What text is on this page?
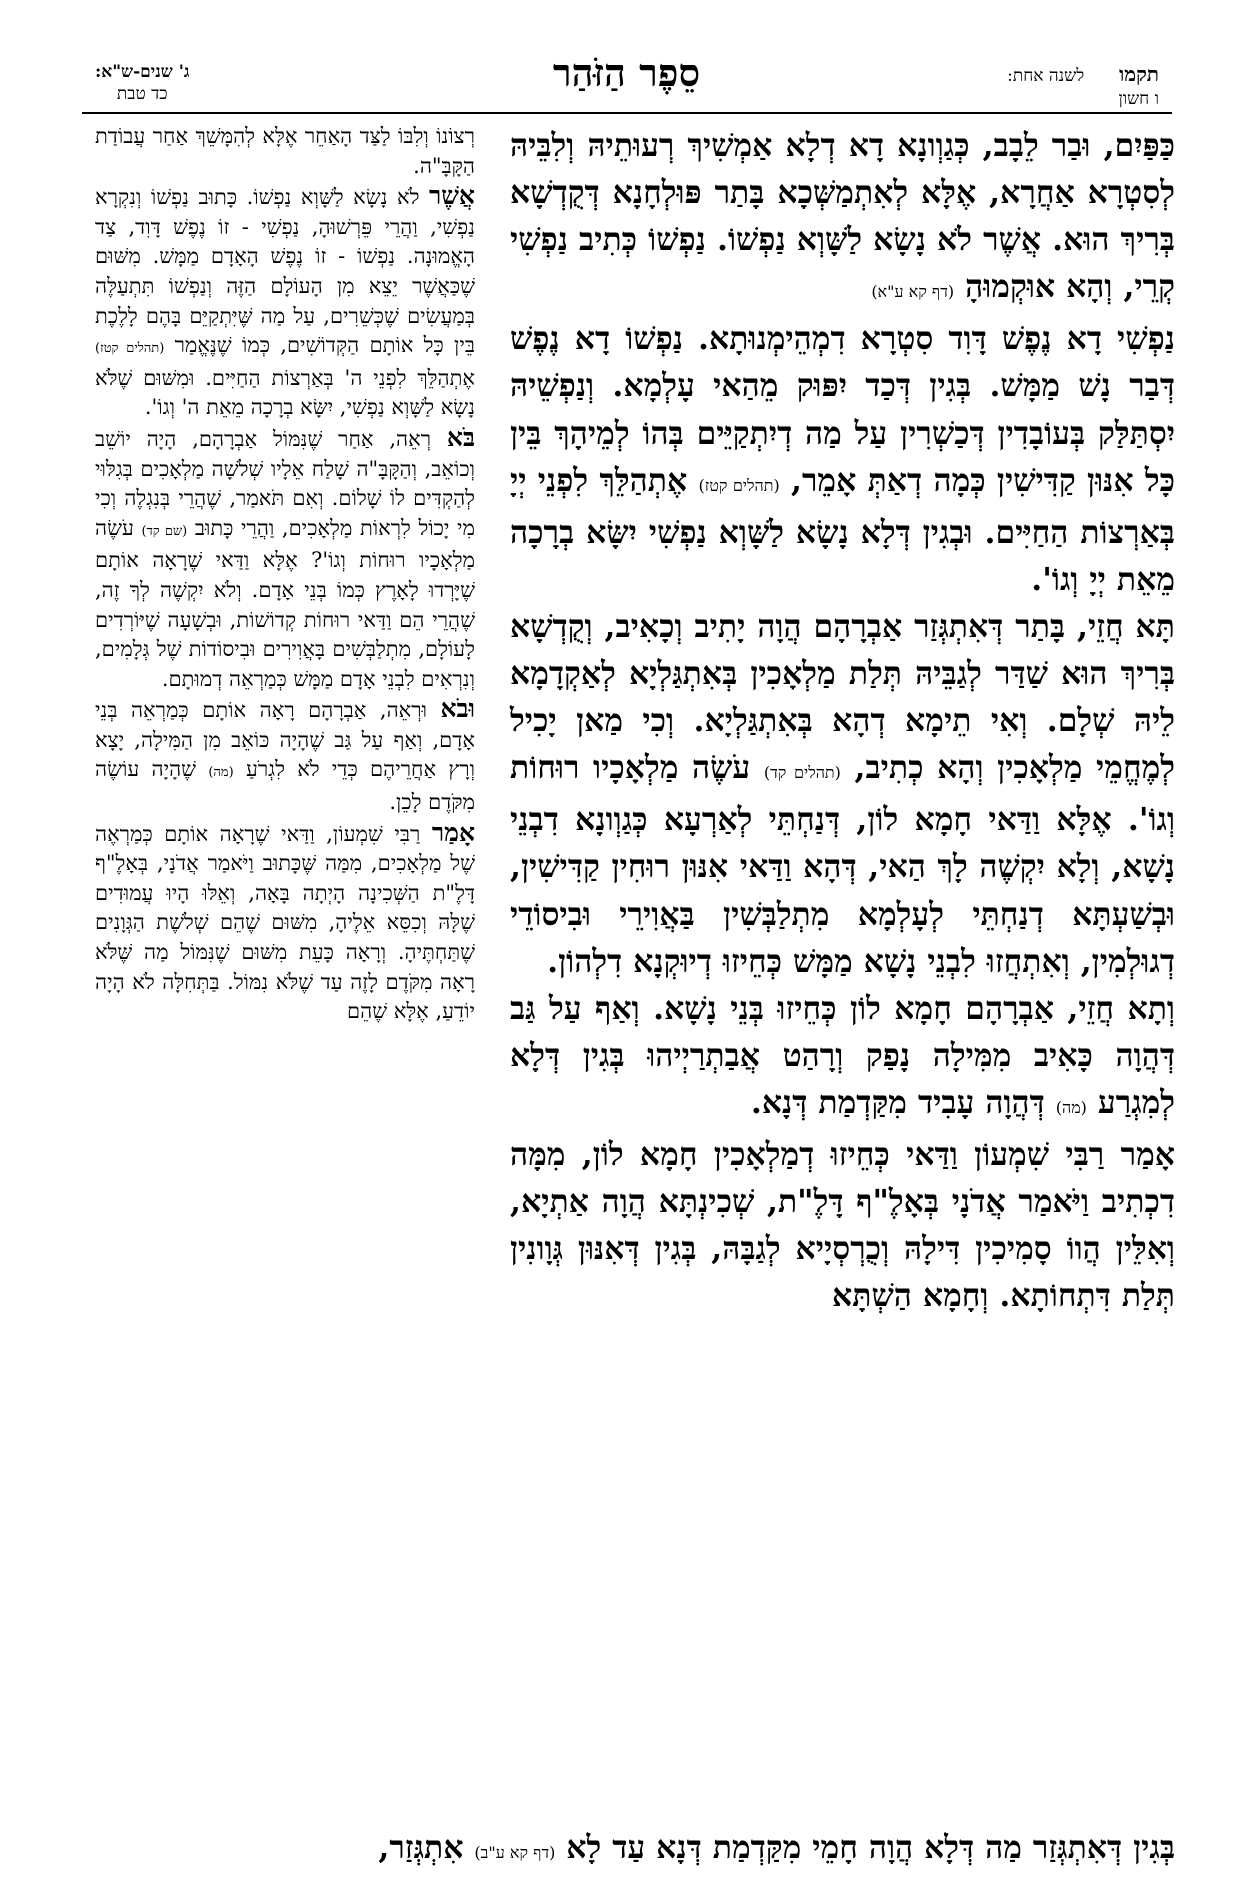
תקמו לשנה אחת:
ו חשון
סֵפֶר הַזֹּהַר
ג' שנים-ש"א:
כד טבת

כַּפַּיִם, וּבַר לֵבָב, כְּגַוְונָא דָא דְלָא אַמְשִׁיךְ רְעוּתֵיהּ וְלִבֵּיהּ לְסִטְרָא אַחֲרָא, אֶלָּא לְאִתְמַשְּׁכָא בָּתַר פּוּלְחָנָא דְּקֻדְשָׁא בְּרִיךְ הוּא. אֲשֶׁר לֹא נָשָׂא לַשָּׁוְא נַפְשׁוֹ. נַפְשׁוֹ כְּתִיב נַפְשִׁי קְרֵי, וְהָא אוּקְמוּהָ (דף קא ע"א)

נַפְשִׁי דָא נֶפֶשׁ דָּוִד סִטְרָא דִמְהֵימְנוּתָא. נַפְשׁוֹ דָא נֶפֶשׁ דְּבַר נָשׁ מַמָּשׁ. בְּגִין דְּכַד יִפּוּק מֵהַאי עָלְמָא. וְנַפְשֵׁיהּ יִסְתַּלַּק בְּעוֹבָדִין דְּכַשְׁרִין עַל מַה דְיִתְקַיֵּים בְּהוֹ לְמֵיהָךְ בֵּין כָּל אִנּוּן קַדִּישִׁין כְּמָה דְאַתְּ אָמֵר, (תהלים קטז) אֶתְהַלֵּךְ לִפְנֵי יְיָ בְּאַרְצוֹת הַחַיִּים. וּבְגִין דְּלָא נָשָׂא לַשָּׁוְא נַפְשִׁי יִשָּׂא בְרָכָה מֵאֵת יְיָ וְגוֹ'.

תָּא חֲזֵי, בָּתַר דְּאִתְגְּזַר אַבְרָהָם הֲוָה יָתִיב וְכָאִיב, וְקֻדְשָׁא בְּרִיךְ הוּא שַׁדַּר לְגַבֵּיהּ תְּלַת מַלְאָכִין בְּאִתְגַּלְיָא לְאַקְדָמָא לֵיהּ שְׁלָם. וְאִי תֵימָא דְהָא בְּאִתְגַּלְיָא. וְכִי מַאן יָכִיל לְמֶחֱמֵי מַלְאָכִין וְהָא כְתִיב, (תהלים קד) עֹשֶׂה מַלְאָכָיו רוּחוֹת וְגוֹ'. אֶלָּא וַדַּאי חָמָא לוֹן, דְּנַחְתֵּי לְאַרְעָא כְּגַוְונָא דִבְנֵי נָשָׁא, וְלָא יִקְשֶׁה לָךְ הַאי, דְּהָא וַדַּאי אִנּוּן רוּחִין קַדִּישִׁין, וּבְשַׁעְתָּא דְנַחְתֵּי לְעָלְמָא מִתְלַבְּשִׁין בַּאֲוִירֵי וּבִיסוֹדֵי דְגוּלְמִין, וְאִתְחֲזוּ לִבְנֵי נָשָׁא מַמָּשׁ כְּחֵיזוּ דְיוּקְנָא דִלְהוֹן.

וְתָא חֲזֵי, אַבְרָהָם חָמָא לוֹן כְּחֵיזוּ בְּנֵי נָשָׁא. וְאַף עַל גַּב דְּהֲוָה כָּאִיב מִמִּילָה נָפַק וְרָהַט אֲבַתְרַיְיהוּ בְּגִין דְּלָא לְמִגְרַע (מה) דְּהֲוָה עָבִיד מִקַּדְמַת דְּנָא.

אָמַר רַבִּי שִׁמְעוֹן וַדַּאי כְּחֵיזוּ דְמַלְאָכִין חָמָא לוֹן, מִמָּה דִכְתִיב וַיֹּאמַר אֲדֹנָי בְּאָלֶ"ף דָּלֶ"ת, שְׁכִינְתָּא הֲוָה אַתְיָא, וְאִלֵּין הֲווֹ סָמִיכִין דִּילָהּ וְכֻרְסְיָיא לְגַבָּהּ, בְּגִין דְּאִנּוּן גְּוָונִין תְּלַת דִּתְחוֹתָא. וְחָמָא הַשְׁתָּא

רְצוֹנוֹ וְלִבּוֹ לַצַּד הָאַחֵר אֶלָּא לְהִמָּשֵׁךְ אַחַר עֲבוֹדַת הַקָּבָּ"ה.

אֲשֶׁר לֹא נָשָׂא לַשָּׁוְא נַפְשׁוֹ. כָּתוּב נַפְשׁוֹ וְנִקְרָא נַפְשִׁי, וַהֲרֵי פֵּרְשׁוּהָ, נַפְשִׁי - זוֹ נֶפֶשׁ דָּוִד, צַד הָאֱמוּנָה. נַפְשׁוֹ - זוֹ נֶפֶשׁ הָאָדָם מַמָּשׁ. מִשּׁוּם שֶׁכַּאֲשֶׁר יֵצֵא מִן הָעוֹלָם הַזֶּה וְנַפְשׁוֹ תִּתְעַלֶּה בְּמַעֲשִׂים שֶׁכְּשֵׁרִים, עַל מַה שֶּׁיִּתְקַיֵּם בָּהֶם לָלֶכֶת בֵּין כָּל אוֹתָם הַקְּדוֹשִׁים, כְּמוֹ שֶׁנֶּאֱמַר (תהלים קטז) אֶתְהַלֵּךְ לִפְנֵי ה' בְּאַרְצוֹת הַחַיִּים. וּמִשּׁוּם שֶׁלֹּא נָשָׂא לַשָּׁוְא נַפְשִׁי, יִשָּׂא בְרָכָה מֵאֵת ה' וְגוֹ'.

בֹּא רְאֵה, אַחַר שֶׁנִּמּוֹל אַבְרָהָם, הָיָה יוֹשֵׁב וְכוֹאֵב, וְהַקָּבָּ"ה שָׁלַח אֵלָיו שְׁלֹשָׁה מַלְאָכִים בְּגִלּוּי לְהַקְדִּים לוֹ שָׁלוֹם. וְאִם תֹּאמַר, שֶׁהֲרֵי בְּנִגְלֶה וְכִי מִי יָכוֹל לִרְאוֹת מַלְאָכִים, וַהֲרֵי כָּתוּב (שם קד) עֹשֶׂה מַלְאָכָיו רוּחוֹת וְגוֹ'? אֶלָּא וַדַּאי שֶׁרָאָה אוֹתָם שֶׁיָּרְדוּ לָאָרֶץ כְּמוֹ בְּנֵי אָדָם. וְלֹא יִקְשֶׁה לְךָ זֶה, שֶׁהֲרֵי הֵם וַדַּאי רוּחוֹת קְדוֹשׁוֹת, וּבְשָׁעָה שֶׁיּוֹרְדִים לָעוֹלָם, מִתְלַבְּשִׁים בָּאֲוִירִים וּבִיסוֹדוֹת שֶׁל גְּלָמִים, וְנִרְאִים לִבְנֵי אָדָם מַמָּשׁ כְּמַרְאֵה דְמוּתָם.

וּבֹא וּרְאֵה, אַבְרָהָם רָאָה אוֹתָם כְּמַרְאֵה בְּנֵי אָדָם, וְאַף עַל גַּב שֶׁהָיָה כּוֹאֵב מִן הַמִּילָה, יָצָא וְרָץ אַחֲרֵיהֶם כְּדֵי לֹא לִגְרֹעַ (מה) שֶׁהָיָה עוֹשֶׂה מִקֹּדֶם לָכֵן.

אָמַר רַבִּי שִׁמְעוֹן, וַדַּאי שֶׁרָאָה אוֹתָם כְּמַרְאֶה שֶׁל מַלְאָכִים, מִמַּה שֶּׁכָּתוּב וַיֹּאמַר אֲדֹנָי, בְּאָלֶ"ף דָּלֶ"ת הַשְּׁכִינָה הָיְתָה בָּאָה, וְאֵלּוּ הָיוּ עֲמוּדִים שֶׁלָּהּ וְכִסֵּא אֵלֶיהָ, מִשּׁוּם שֶׁהֵם שְׁלֹשֶׁת הַגְּוָנִים שֶׁתַּחְתֶּיהָ. וְרָאָה כָּעֵת מִשּׁוּם שֶׁנִּמּוֹל מַה שֶּׁלֹּא רָאָה מִקֹּדֶם לָזֶה עַד שֶׁלֹּא נִמּוֹל. בַּתְּחִלָּה לֹא הָיָה יוֹדֵעַ, אֶלָּא שֶׁהֵם

בְּגִין דְּאִתְגְּזַר מַה דְּלָא הֲוָה חָמֵי מִקַּדְמַת דְּנָא עַד לָא (דף קא ע"ב) אִתְגְּזַר,
